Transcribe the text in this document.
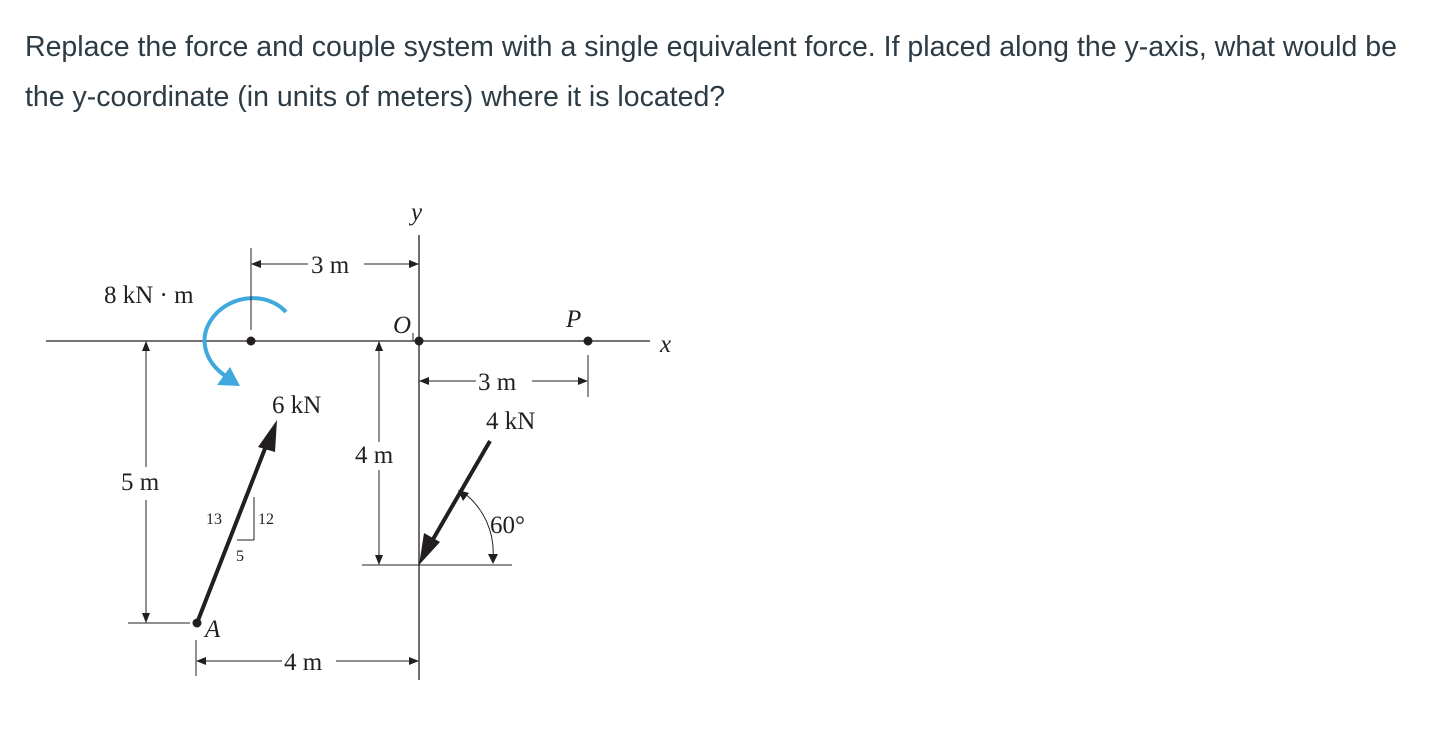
Replace the force and couple system with a single equivalent force. If placed along the y-axis, what would be the y-coordinate (in units of meters) where it is located?

y
x
O	P
8 kN · m
3 m
3 m
6 kN
13 12
5
A
5 m
4 m
4 kN
60°
4 m
